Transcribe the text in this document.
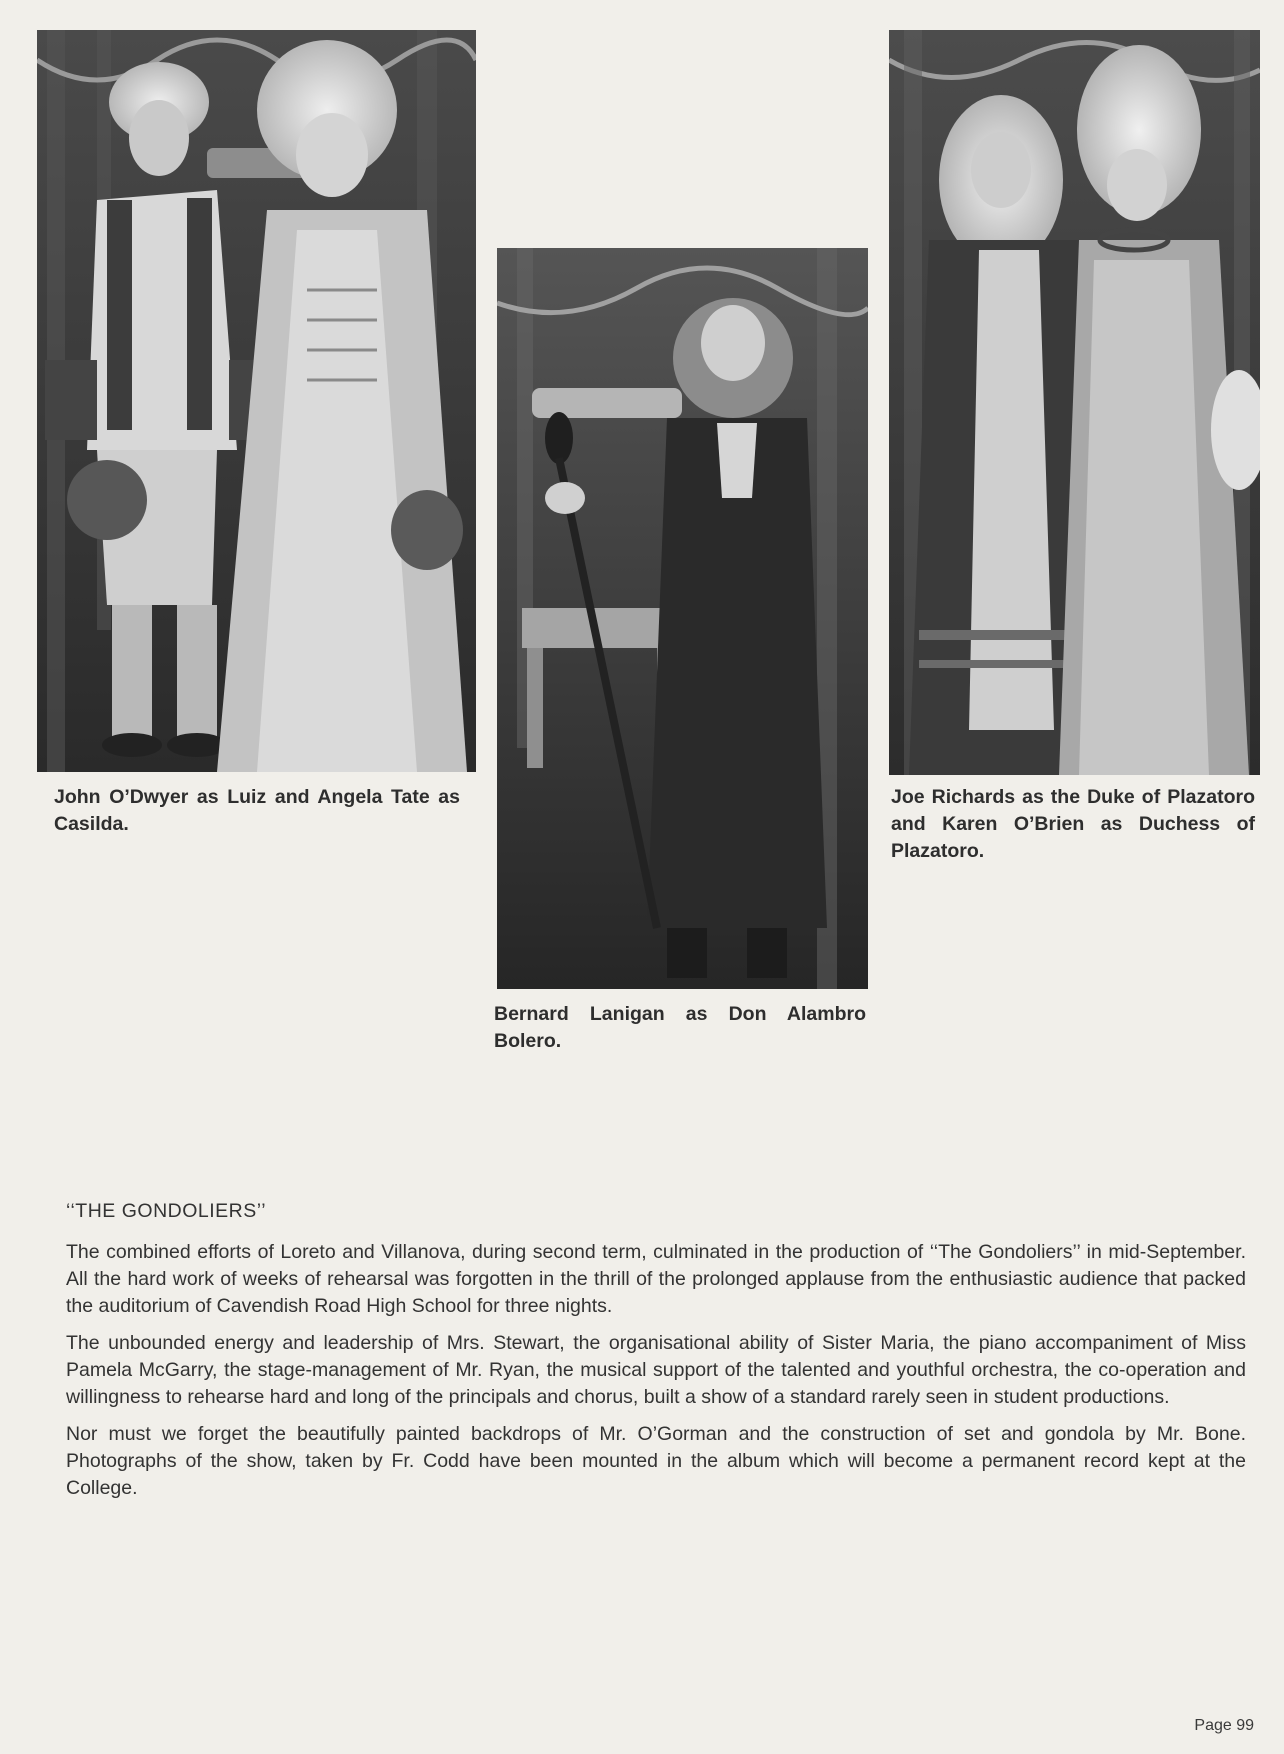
John O’Dwyer as Luiz and Angela Tate as Casilda.
Bernard Lanigan as Don Alambro Bolero.
Joe Richards as the Duke of Plazatoro and Karen O’Brien as Duchess of Plazatoro.
‘‘THE GONDOLIERS’’

The combined efforts of Loreto and Villanova, during second term, culminated in the production of ‘‘The Gondoliers’’ in mid-September. All the hard work of weeks of rehearsal was forgotten in the thrill of the prolonged applause from the enthusiastic audience that packed the auditorium of Cavendish Road High School for three nights.

The unbounded energy and leadership of Mrs. Stewart, the organisational ability of Sister Maria, the piano accompaniment of Miss Pamela McGarry, the stage-management of Mr. Ryan, the musical support of the talented and youthful orchestra, the co-operation and willingness to rehearse hard and long of the principals and chorus, built a show of a standard rarely seen in student productions.

Nor must we forget the beautifully painted backdrops of Mr. O’Gorman and the construction of set and gondola by Mr. Bone. Photographs of the show, taken by Fr. Codd have been mounted in the album which will become a permanent record kept at the College.

Page 99
